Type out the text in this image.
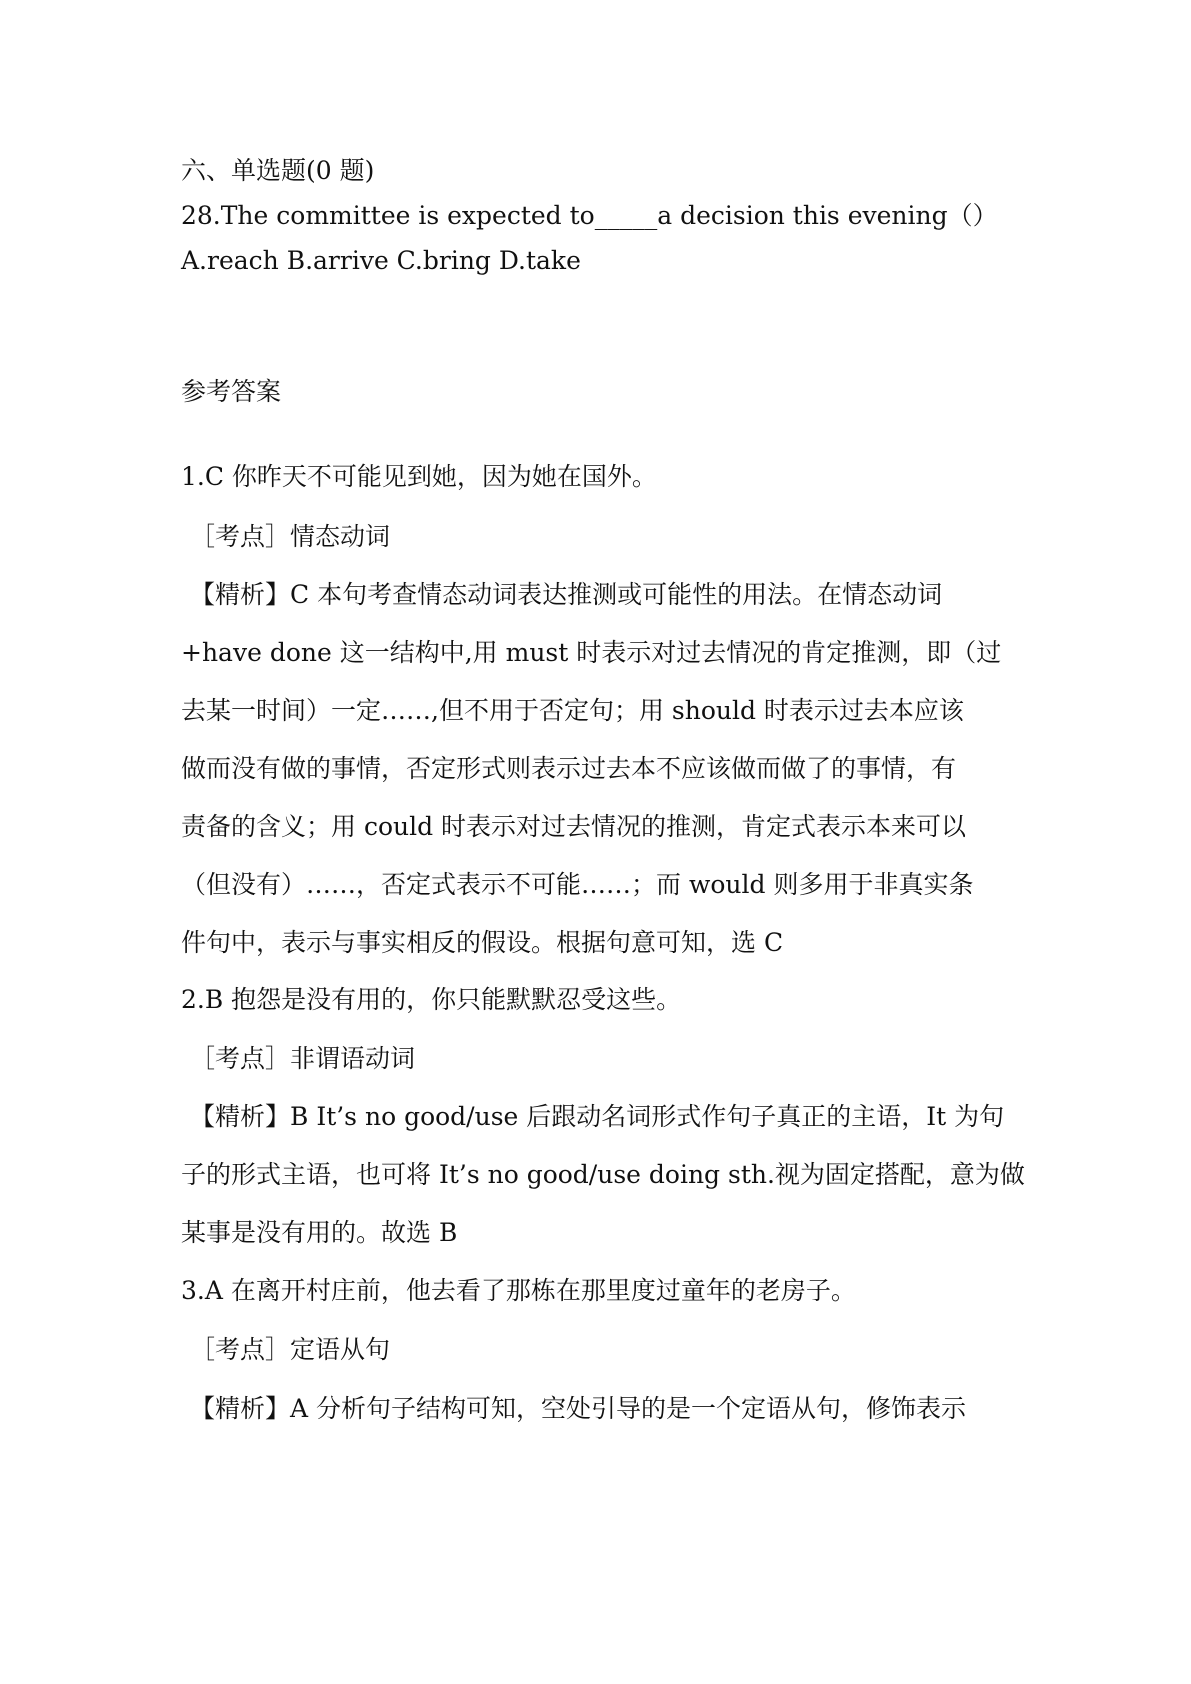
六、单选题(0 题)
28.The committee is expected to_____a decision this evening（）
A.reach B.arrive C.bring D.take
参考答案
1.C 你昨天不可能见到她，因为她在国外。
［考点］情态动词
【精析】C 本句考查情态动词表达推测或可能性的用法。在情态动词
+have done 这一结构中,用 must 时表示对过去情况的肯定推测，即（过
去某一时间）一定……,但不用于否定句；用 should 时表示过去本应该
做而没有做的事情，否定形式则表示过去本不应该做而做了的事情，有
责备的含义；用 could 时表示对过去情况的推测，肯定式表示本来可以
（但没有）……，否定式表示不可能……；而 would 则多用于非真实条
件句中，表示与事实相反的假设。根据句意可知，选 C
2.B 抱怨是没有用的，你只能默默忍受这些。
［考点］非谓语动词
【精析】B It’s no good/use 后跟动名词形式作句子真正的主语，It 为句
子的形式主语，也可将 It’s no good/use doing sth.视为固定搭配，意为做
某事是没有用的。故选 B
3.A 在离开村庄前，他去看了那栋在那里度过童年的老房子。
［考点］定语从句
【精析】A 分析句子结构可知，空处引导的是一个定语从句，修饰表示
